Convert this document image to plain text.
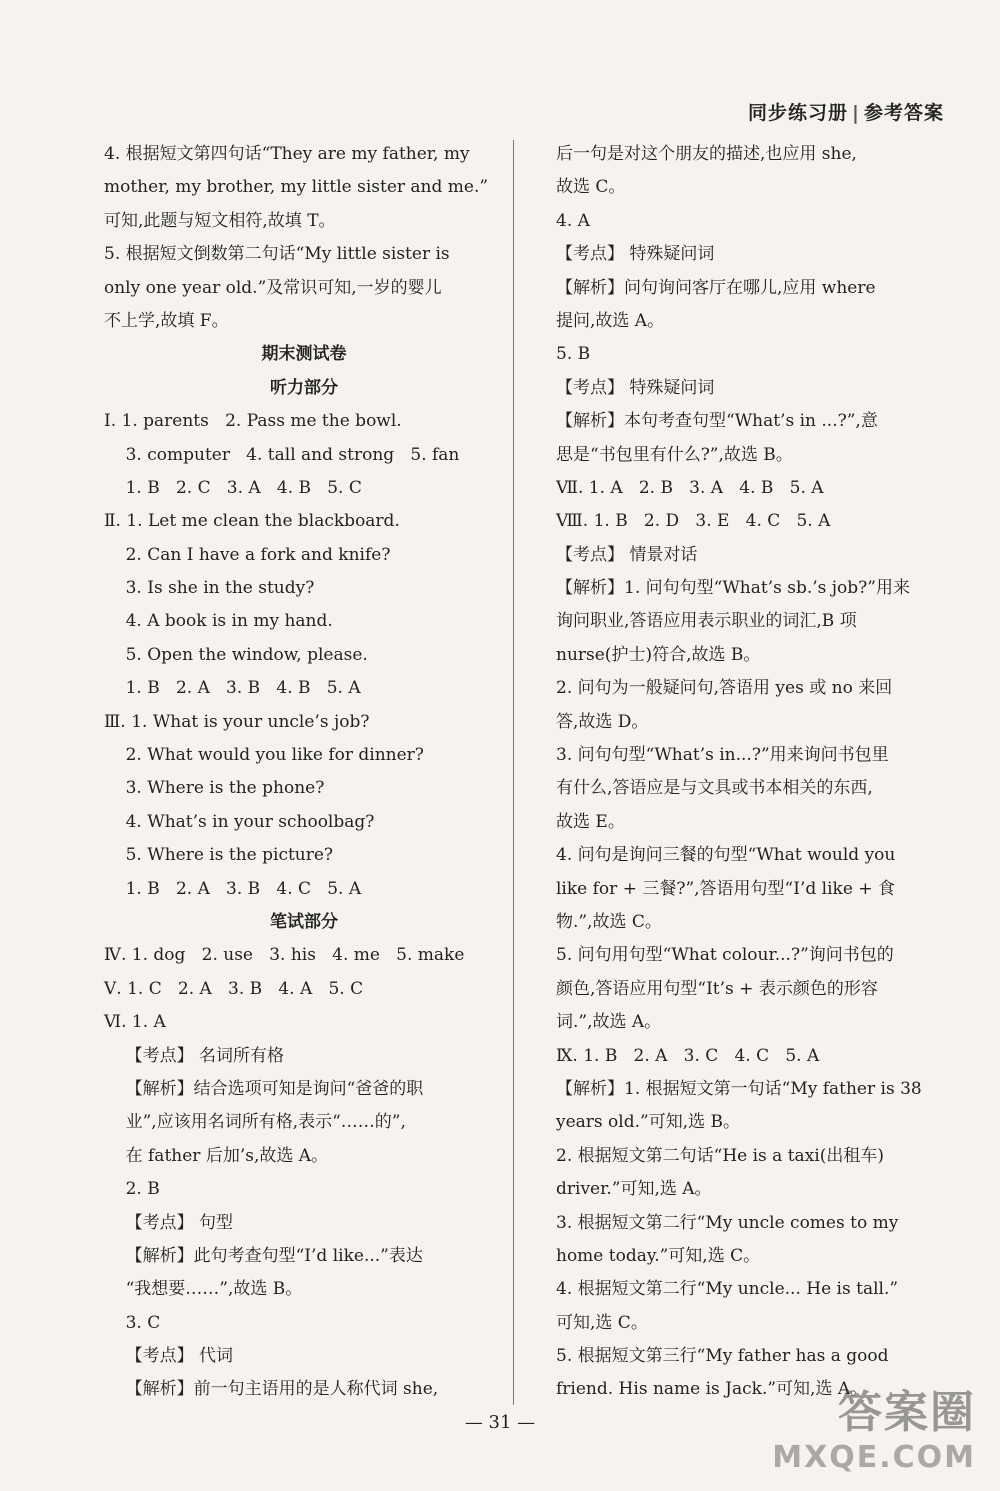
同步练习册 | 参考答案
4. 根据短文第四句话“They are my father, my
mother, my brother, my little sister and me.”
可知,此题与短文相符,故填 T。
5. 根据短文倒数第二句话“My little sister is
only one year old.”及常识可知,一岁的婴儿
不上学,故填 F。
期末测试卷
听力部分
Ⅰ. 1. parents   2. Pass me the bowl.
3. computer   4. tall and strong   5. fan
1. B   2. C   3. A   4. B   5. C
Ⅱ. 1. Let me clean the blackboard.
2. Can I have a fork and knife?
3. Is she in the study?
4. A book is in my hand.
5. Open the window, please.
1. B   2. A   3. B   4. B   5. A
Ⅲ. 1. What is your uncle’s job?
2. What would you like for dinner?
3. Where is the phone?
4. What’s in your schoolbag?
5. Where is the picture?
1. B   2. A   3. B   4. C   5. A
笔试部分
Ⅳ. 1. dog   2. use   3. his   4. me   5. make
Ⅴ. 1. C   2. A   3. B   4. A   5. C
Ⅵ. 1. A
【考点】 名词所有格
【解析】结合选项可知是询问“爸爸的职
业”,应该用名词所有格,表示“……的”,
在 father 后加’s,故选 A。
2. B
【考点】 句型
【解析】此句考查句型“I’d like...”表达
“我想要……”,故选 B。
3. C
【考点】 代词
【解析】前一句主语用的是人称代词 she,
后一句是对这个朋友的描述,也应用 she,
故选 C。
4. A
【考点】 特殊疑问词
【解析】问句询问客厅在哪儿,应用 where
提问,故选 A。
5. B
【考点】 特殊疑问词
【解析】本句考查句型“What’s in ...?”,意
思是“书包里有什么?”,故选 B。
Ⅶ. 1. A   2. B   3. A   4. B   5. A
Ⅷ. 1. B   2. D   3. E   4. C   5. A
【考点】 情景对话
【解析】1. 问句句型“What’s sb.’s job?”用来
询问职业,答语应用表示职业的词汇,B 项
nurse(护士)符合,故选 B。
2. 问句为一般疑问句,答语用 yes 或 no 来回
答,故选 D。
3. 问句句型“What’s in...?”用来询问书包里
有什么,答语应是与文具或书本相关的东西,
故选 E。
4. 问句是询问三餐的句型“What would you
like for + 三餐?”,答语用句型“I’d like + 食
物.”,故选 C。
5. 问句用句型“What colour...?”询问书包的
颜色,答语应用句型“It’s + 表示颜色的形容
词.”,故选 A。
Ⅸ. 1. B   2. A   3. C   4. C   5. A
【解析】1. 根据短文第一句话“My father is 38
years old.”可知,选 B。
2. 根据短文第二句话“He is a taxi(出租车)
driver.”可知,选 A。
3. 根据短文第二行“My uncle comes to my
home today.”可知,选 C。
4. 根据短文第二行“My uncle... He is tall.”
可知,选 C。
5. 根据短文第三行“My father has a good
friend. His name is Jack.”可知,选 A。
— 31 —	答案圈
MXQE.COM
